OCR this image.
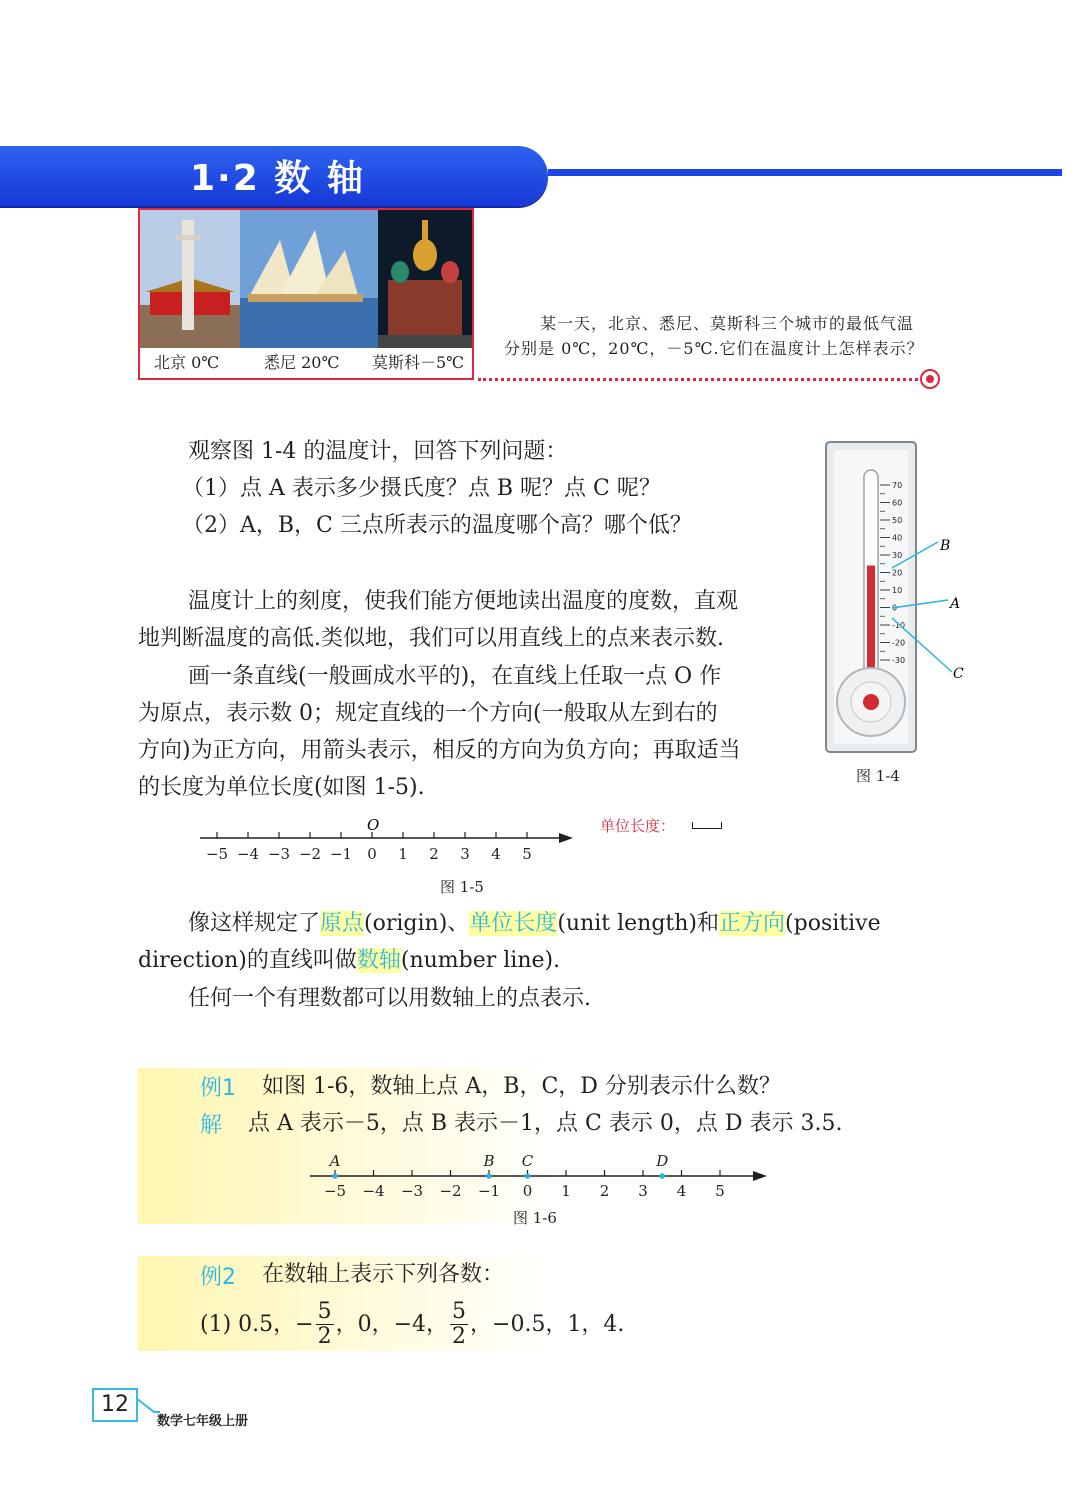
1·2 数 轴
北京 0℃	悉尼 20℃ 莫斯科－5℃
某一天，北京、悉尼、莫斯科三个城市的最低气温
分别是 0℃，20℃，－5℃.它们在温度计上怎样表示？
观察图 1-4 的温度计，回答下列问题：
（1）点 A 表示多少摄氏度？点 B 呢？点 C 呢？
（2）A，B，C 三点所表示的温度哪个高？哪个低？
70
60
50
40
30
20
10
-10
-20
-30
B
A
C
图 1-4
温度计上的刻度，使我们能方便地读出温度的度数，直观
地判断温度的高低.类似地，我们可以用直线上的点来表示数.
画一条直线(一般画成水平的)，在直线上任取一点 O 作
为原点，表示数 0；规定直线的一个方向(一般取从左到右的
方向)为正方向，用箭头表示，相反的方向为负方向；再取适当
的长度为单位长度(如图 1-5).
−5 −4 −3 −2 −1 0 1 2 3 4 5
O	单位长度：
图 1-5
像这样规定了原点(origin)、单位长度(unit length)和正方向(positive
direction)的直线叫做数轴(number line).
任何一个有理数都可以用数轴上的点表示.
例1 如图 1-6，数轴上点 A，B，C，D 分别表示什么数？
解 点 A 表示－5，点 B 表示－1，点 C 表示 0，点 D 表示 3.5.
−5 −4 −3 −2 −1 0 1 2 3 4 5
A	B C	D
图 1-6
例2 在数轴上表示下列各数：
(1) 0.5，− $\frac{5}{2}$ ，0，−4， $\frac{5}{2}$ ，−0.5，1，4.
12
数学七年级上册
